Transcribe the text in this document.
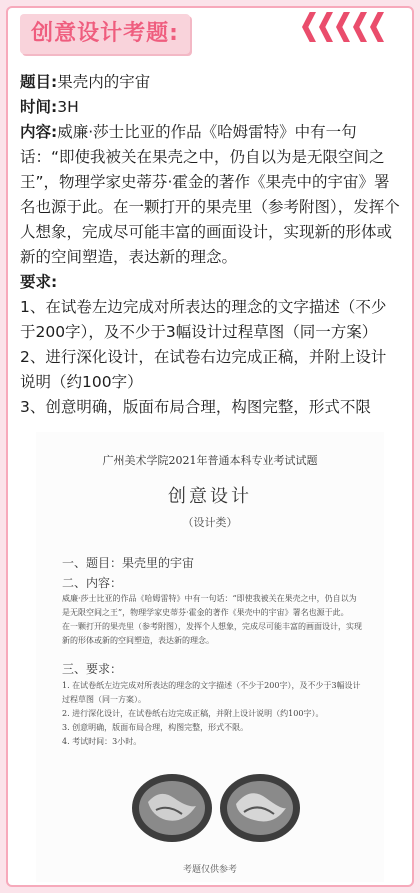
创意设计考题:

题目:果壳内的宇宙

时间:3H

内容:威廉·莎士比亚的作品《哈姆雷特》中有一句话：“即使我被关在果壳之中，仍自以为是无限空间之王”，物理学家史蒂芬·霍金的著作《果壳中的宇宙》署名也源于此。在一颗打开的果壳里（参考附图），发挥个人想象，完成尽可能丰富的画面设计，实现新的形体或新的空间塑造，表达新的理念。

要求:

1、在试卷左边完成对所表达的理念的文字描述（不少于200字），及不少于3幅设计过程草图（同一方案）

2、进行深化设计，在试卷右边完成正稿，并附上设计说明（约100字）

3、创意明确，版面布局合理，构图完整，形式不限

广州美术学院2021年普通本科专业考试试题
创意设计
（设计类）
一、题目：果壳里的宇宙
二、内容：

威廉·莎士比亚的作品《哈姆雷特》中有一句话：“即使我被关在果壳之中，仍自以为是无限空间之王”，物理学家史蒂芬·霍金的著作《果壳中的宇宙》署名也源于此。

在一颗打开的果壳里（参考附图），发挥个人想象，完成尽可能丰富的画面设计，实现新的形体或新的空间塑造，表达新的理念。

三、要求：

1. 在试卷纸左边完成对所表达的理念的文字描述（不少于200字），及不少于3幅设计过程草图（同一方案）。

2. 进行深化设计，在试卷纸右边完成正稿，并附上设计说明（约100字）。

3. 创意明确，版面布局合理，构图完整，形式不限。

4. 考试时间：3小时。

考题仅供参考
